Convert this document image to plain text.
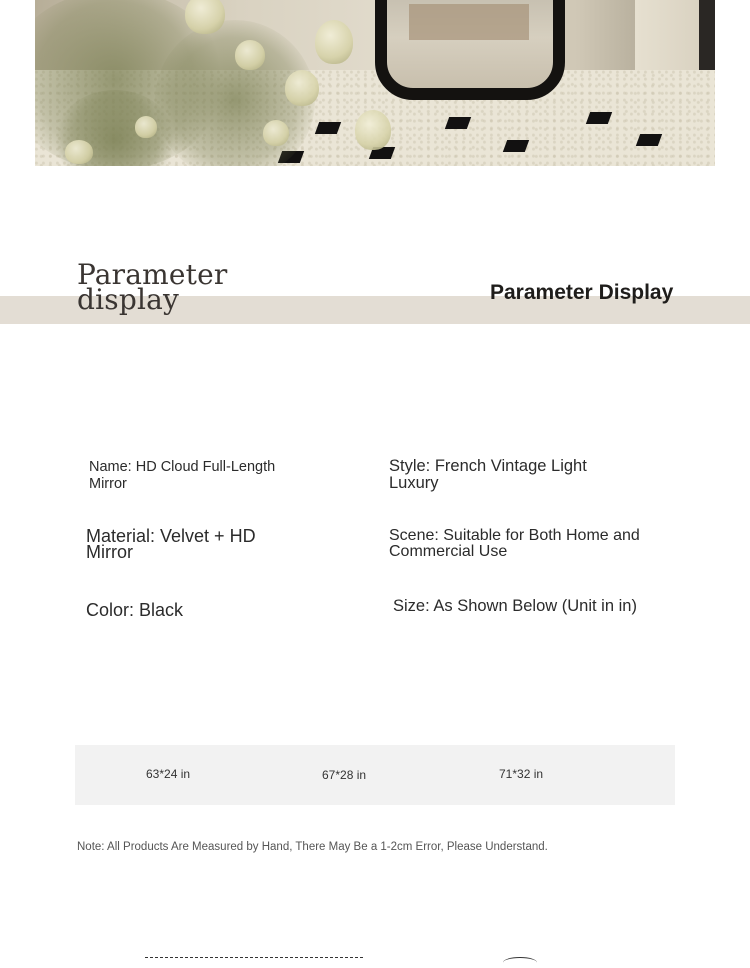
Parameter
display	Parameter Display
Name: HD Cloud Full-Length Mirror
Style: French Vintage Light Luxury
Material: Velvet + HD Mirror
Scene: Suitable for Both Home and Commercial Use
Color: Black	Size: As Shown Below (Unit in in)
63*24 in	67*28 in	71*32 in
Note: All Products Are Measured by Hand, There May Be a 1-2cm Error, Please Understand.
